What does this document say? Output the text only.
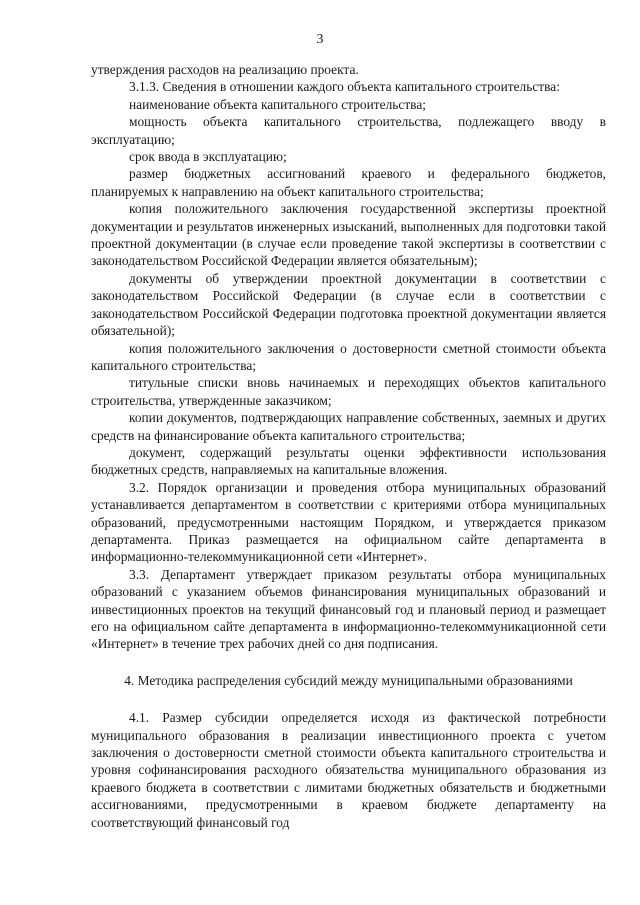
3

утверждения расходов на реализацию проекта.

3.1.3. Сведения в отношении каждого объекта капитального строительства:

наименование объекта капитального строительства;

мощность объекта капитального строительства, подлежащего вводу в эксплуатацию;

срок ввода в эксплуатацию;

размер бюджетных ассигнований краевого и федерального бюджетов, планируемых к направлению на объект капитального строительства;

копия положительного заключения государственной экспертизы проектной документации и результатов инженерных изысканий, выполненных для подготовки такой проектной документации (в случае если проведение такой экспертизы в соответствии с законодательством Российской Федерации является обязательным);

документы об утверждении проектной документации в соответствии с законодательством Российской Федерации (в случае если в соответствии с законодательством Российской Федерации подготовка проектной документации является обязательной);

копия положительного заключения о достоверности сметной стоимости объекта капитального строительства;

титульные списки вновь начинаемых и переходящих объектов капитального строительства, утвержденные заказчиком;

копии документов, подтверждающих направление собственных, заемных и других средств на финансирование объекта капитального строительства;

документ, содержащий результаты оценки эффективности использования бюджетных средств, направляемых на капитальные вложения.

3.2. Порядок организации и проведения отбора муниципальных образований устанавливается департаментом в соответствии с критериями отбора муниципальных образований, предусмотренными настоящим Порядком, и утверждается приказом департамента. Приказ размещается на официальном сайте департамента в информационно-телекоммуникационной сети «Интернет».

3.3. Департамент утверждает приказом результаты отбора муниципальных образований с указанием объемов финансирования муниципальных образований и инвестиционных проектов на текущий финансовый год и плановый период и размещает его на официальном сайте департамента в информационно-телекоммуникационной сети «Интернет» в течение трех рабочих дней со дня подписания.

4. Методика распределения субсидий между муниципальными образованиями

4.1. Размер субсидии определяется исходя из фактической потребности муниципального образования в реализации инвестиционного проекта с учетом заключения о достоверности сметной стоимости объекта капитального строительства и уровня софинансирования расходного обязательства муниципального образования из краевого бюджета в соответствии с лимитами бюджетных обязательств и бюджетными ассигнованиями, предусмотренными в краевом бюджете департаменту на соответствующий финансовый год
